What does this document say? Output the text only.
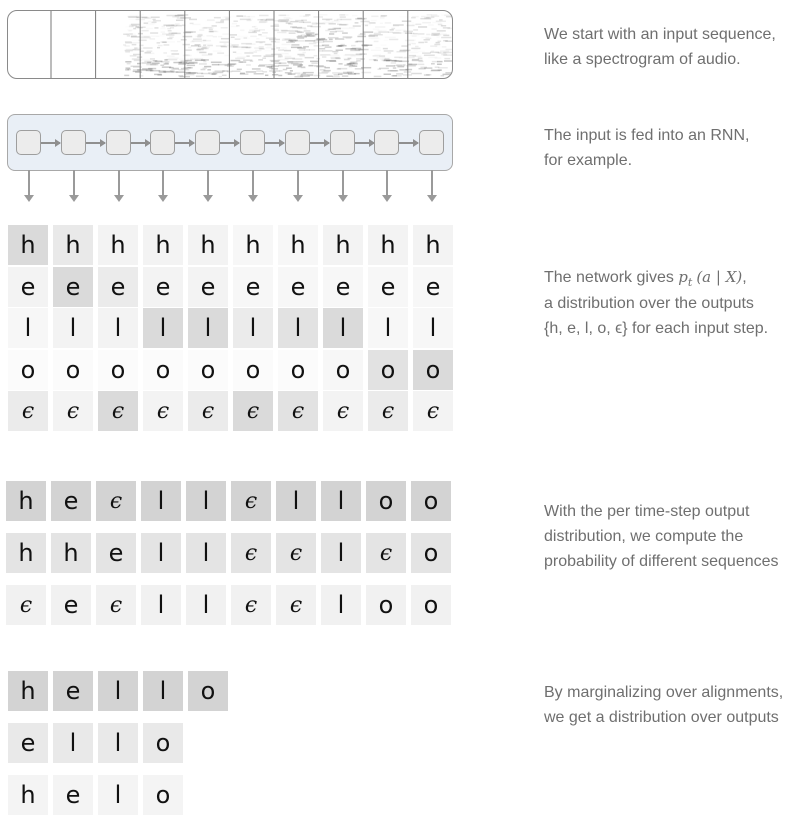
We start with an input sequence,
like a spectrogram of audio.
The input is fed into an RNN,
for example.
The network gives $p_t$ (a | X),
a distribution over the outputs
{h, e, l, o, ϵ} for each input step.
With the per time-step output
distribution, we compute the
probability of different sequences
By marginalizing over alignments,
we get a distribution over outputs
h	h	h	h	h	h	h	h	h	h
e	e	e	e	e	e	e	e	e	e
l	l	l	l	l	l	l	l	l	l
o	o	o	o	o	o	o	o	o	o
ϵ	ϵ	ϵ	ϵ	ϵ	ϵ	ϵ	ϵ	ϵ	ϵ
h	e	ϵ	l	l	ϵ	l	l	o	o
h	h	e	l	l	ϵ	ϵ	l	ϵ	o
ϵ	e	ϵ	l	l	ϵ	ϵ	l	o	o
h	e	l	l	o
e	l	l	o
h	e	l	o
